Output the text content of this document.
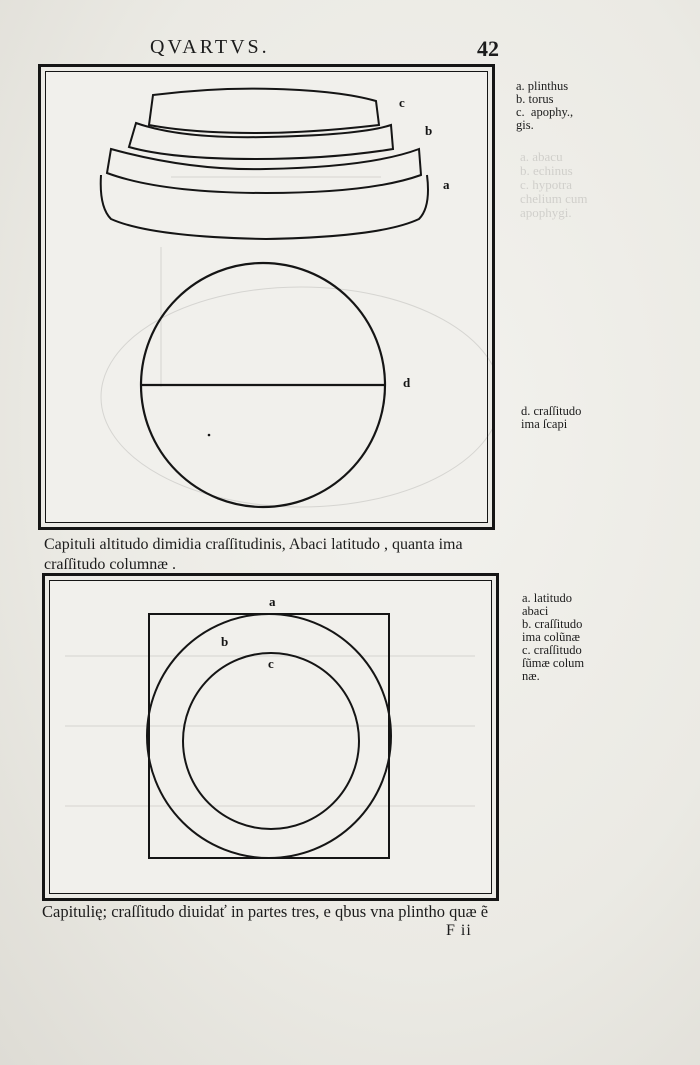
a. abacu
b. echinus
c. hypotra
chelium cum
apophygi.
QVARTVS.	42
c
b
a
d
a. plinthus
b. torus
c.  apophy.,
gis.
d. craſſitudo
ima ſcapi
Capituli altitudo dimidia craſſitudinis, Abaci latitudo , quanta ima craſſitudo columnæ .
a
b
c
a. latitudo
abaci
b. craſſitudo
ima colũnæ
c. craſſitudo
ſũmæ colum
næ.
Capitulię; craſſitudo diuidať in partes tres, e qbus vna plintho quæ ẽ
F ii
